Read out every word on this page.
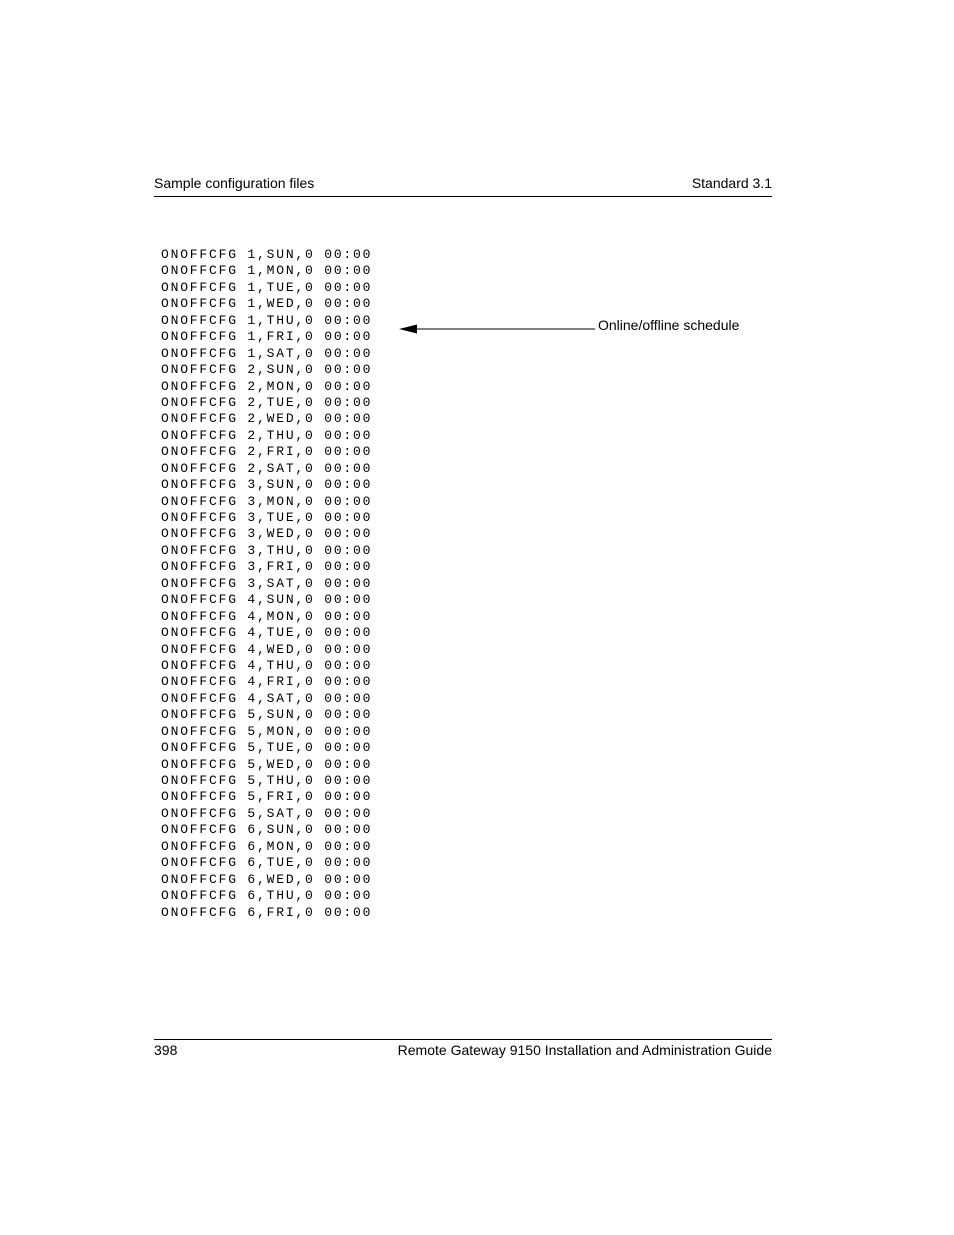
Sample configuration files	Standard 3.1
ONOFFCFG 1,SUN,0 00:00
ONOFFCFG 1,MON,0 00:00
ONOFFCFG 1,TUE,0 00:00
ONOFFCFG 1,WED,0 00:00
ONOFFCFG 1,THU,0 00:00
ONOFFCFG 1,FRI,0 00:00
ONOFFCFG 1,SAT,0 00:00
ONOFFCFG 2,SUN,0 00:00
ONOFFCFG 2,MON,0 00:00
ONOFFCFG 2,TUE,0 00:00
ONOFFCFG 2,WED,0 00:00
ONOFFCFG 2,THU,0 00:00
ONOFFCFG 2,FRI,0 00:00
ONOFFCFG 2,SAT,0 00:00
ONOFFCFG 3,SUN,0 00:00
ONOFFCFG 3,MON,0 00:00
ONOFFCFG 3,TUE,0 00:00
ONOFFCFG 3,WED,0 00:00
ONOFFCFG 3,THU,0 00:00
ONOFFCFG 3,FRI,0 00:00
ONOFFCFG 3,SAT,0 00:00
ONOFFCFG 4,SUN,0 00:00
ONOFFCFG 4,MON,0 00:00
ONOFFCFG 4,TUE,0 00:00
ONOFFCFG 4,WED,0 00:00
ONOFFCFG 4,THU,0 00:00
ONOFFCFG 4,FRI,0 00:00
ONOFFCFG 4,SAT,0 00:00
ONOFFCFG 5,SUN,0 00:00
ONOFFCFG 5,MON,0 00:00
ONOFFCFG 5,TUE,0 00:00
ONOFFCFG 5,WED,0 00:00
ONOFFCFG 5,THU,0 00:00
ONOFFCFG 5,FRI,0 00:00
ONOFFCFG 5,SAT,0 00:00
ONOFFCFG 6,SUN,0 00:00
ONOFFCFG 6,MON,0 00:00
ONOFFCFG 6,TUE,0 00:00
ONOFFCFG 6,WED,0 00:00
ONOFFCFG 6,THU,0 00:00
ONOFFCFG 6,FRI,0 00:00
Online/offline schedule
398	Remote Gateway 9150 Installation and Administration Guide
